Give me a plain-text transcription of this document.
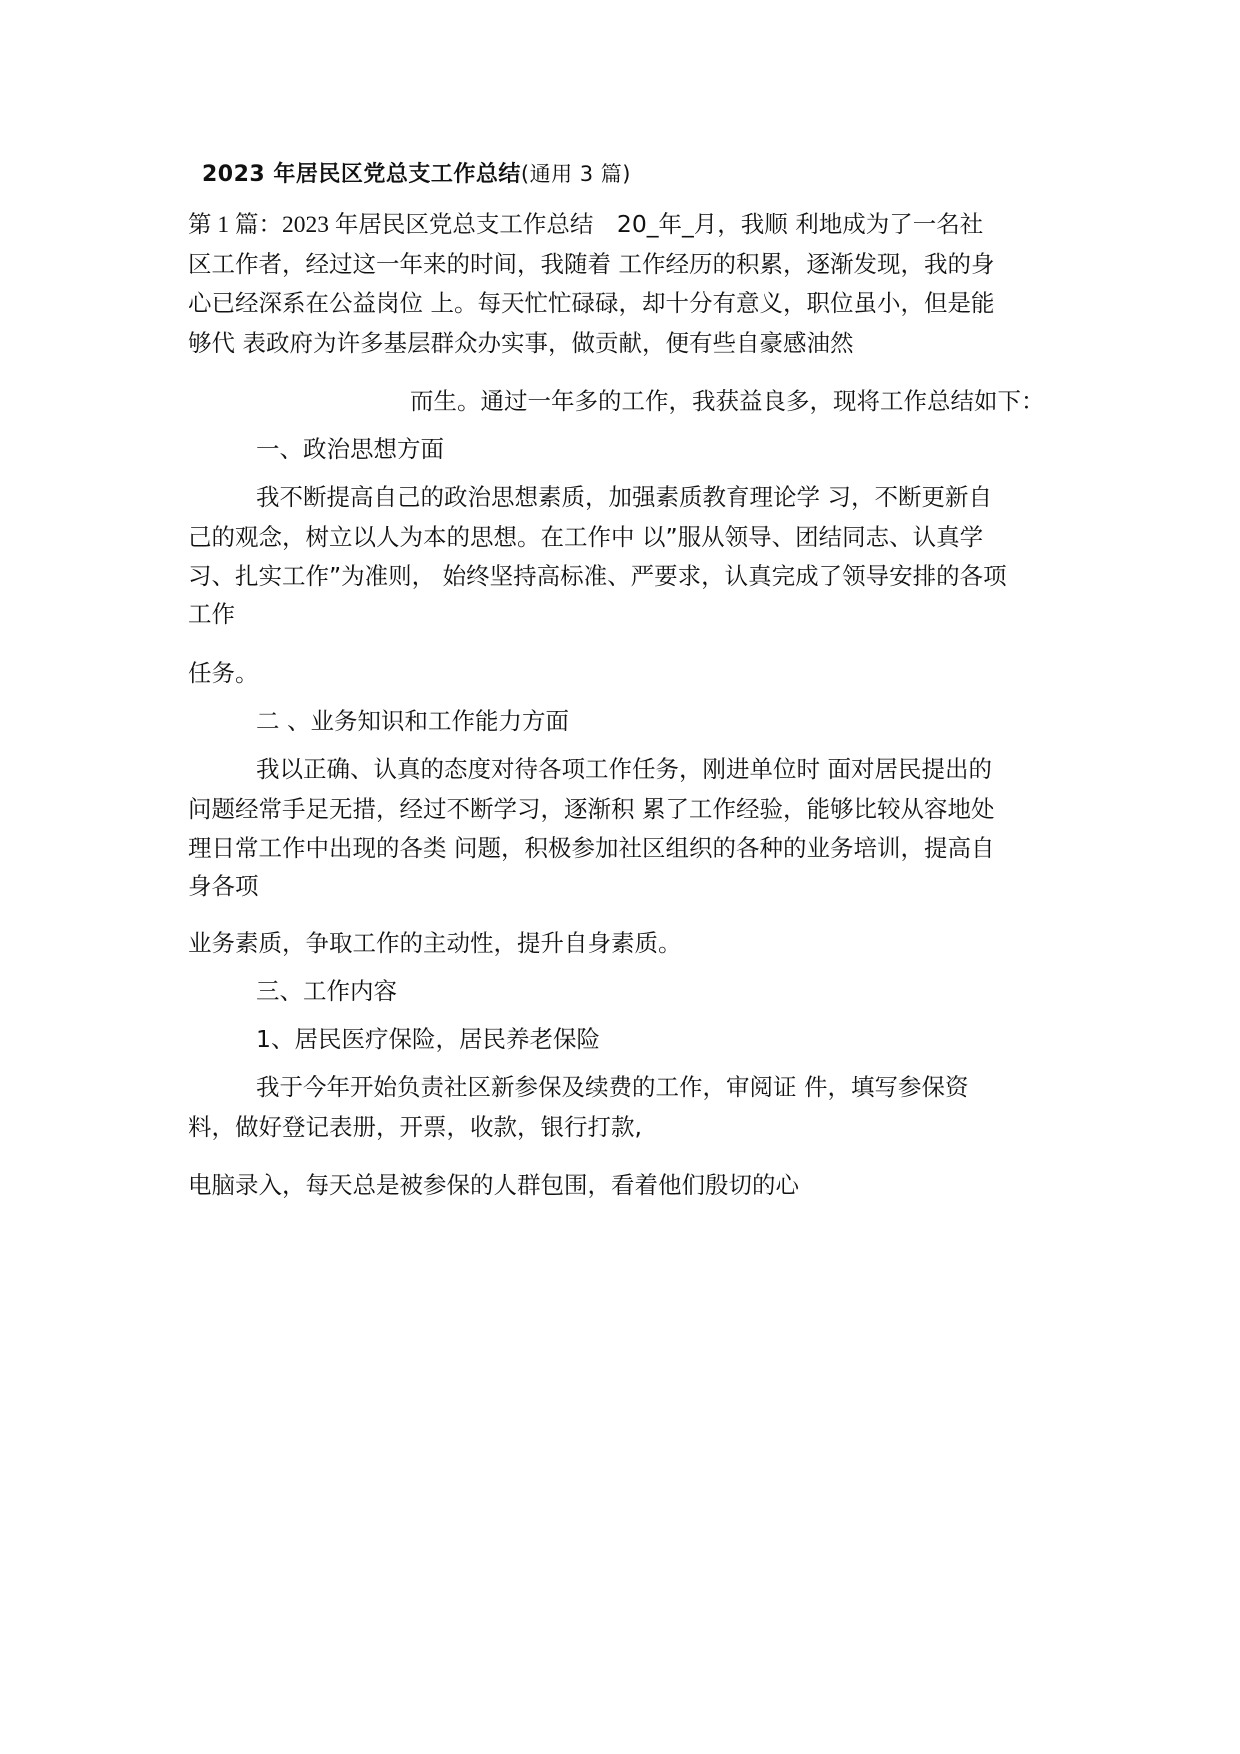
2023 年居民区党总支工作总结(通用 3 篇)
第 1 篇：2023 年居民区党总支工作总结　20_年_月，我顺 利地成为了一名社
区工作者，经过这一年来的时间，我随着 工作经历的积累，逐渐发现，我的身
心已经深系在公益岗位 上。每天忙忙碌碌，却十分有意义，职位虽小，但是能
够代 表政府为许多基层群众办实事，做贡献，便有些自豪感油然
而生。通过一年多的工作，我获益良多，现将工作总结如下：
一、政治思想方面
我不断提高自己的政治思想素质，加强素质教育理论学 习，不断更新自
己的观念，树立以人为本的思想。在工作中 以”服从领导、团结同志、认真学
习、扎实工作”为准则， 始终坚持高标准、严要求，认真完成了领导安排的各项
工作
任务。
二 、业务知识和工作能力方面
我以正确、认真的态度对待各项工作任务，刚进单位时 面对居民提出的
问题经常手足无措，经过不断学习，逐渐积 累了工作经验，能够比较从容地处
理日常工作中出现的各类 问题，积极参加社区组织的各种的业务培训，提高自
身各项
业务素质，争取工作的主动性，提升自身素质。
三、工作内容
1、居民医疗保险，居民养老保险
我于今年开始负责社区新参保及续费的工作，审阅证 件，填写参保资
料，做好登记表册，开票，收款，银行打款,
电脑录入，每天总是被参保的人群包围，看着他们殷切的心
